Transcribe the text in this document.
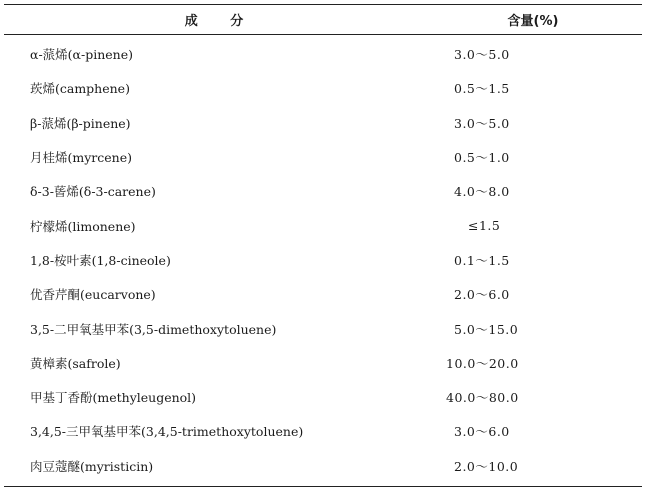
成 分	含量(%)
α-蒎烯(α-pinene)	3.0～5.0
莰烯(camphene)	0.5～1.5
β-蒎烯(β-pinene)	3.0～5.0
月桂烯(myrcene)	0.5～1.0
δ-3-蒈烯(δ-3-carene)	4.0～8.0
柠檬烯(limonene)	≤1.5
1,8-桉叶素(1,8-cineole)	0.1～1.5
优香芹酮(eucarvone)	2.0～6.0
3,5-二甲氧基甲苯(3,5-dimethoxytoluene)	5.0～15.0
黄樟素(safrole)	10.0～20.0
甲基丁香酚(methyleugenol)	40.0～80.0
3,4,5-三甲氧基甲苯(3,4,5-trimethoxytoluene)	3.0～6.0
肉豆蔻醚(myristicin)	2.0～10.0
